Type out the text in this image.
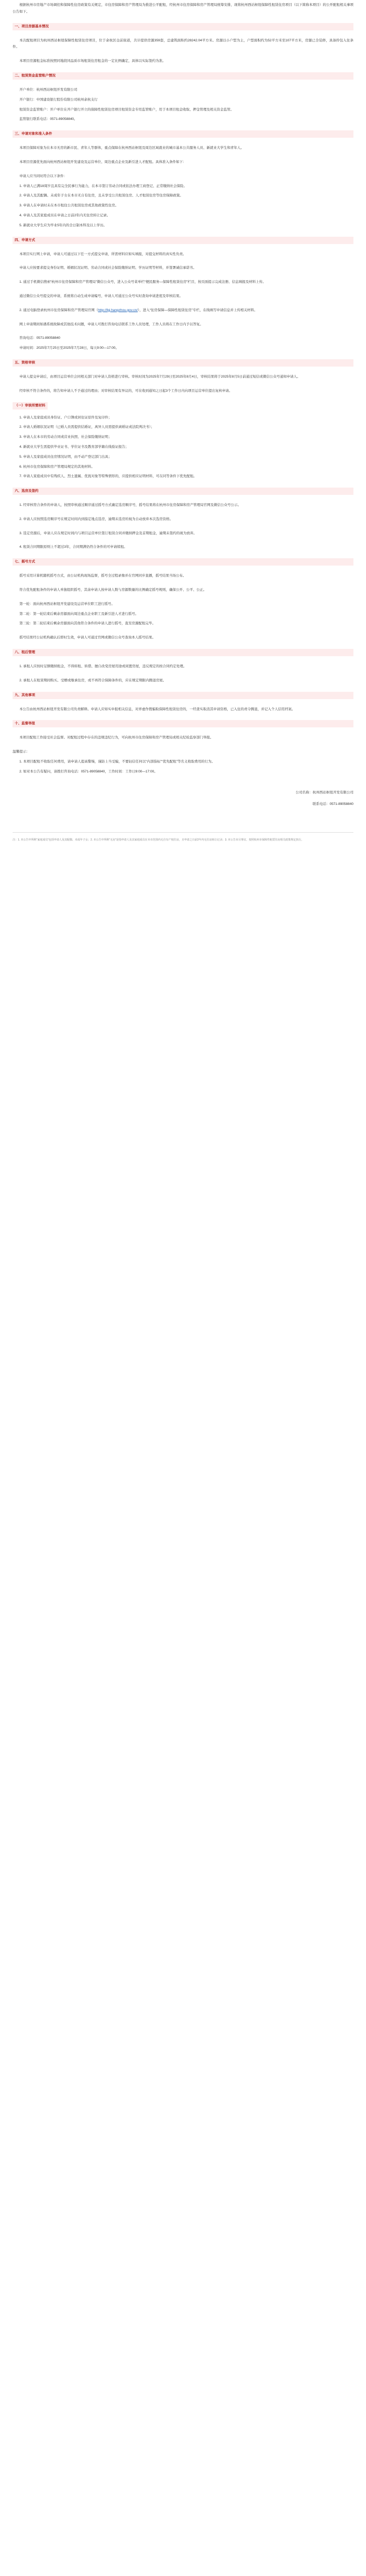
根据杭州市房地产市场调控和保障性住房政策有关规定，市住房保障和房产管理局为推进公平配租，经杭州市住房保障和房产管理局统筹安排，现将杭州西站枢纽保障性租赁住房项目（以下简称本项目）的公开配租相关事项公告如下。

一、项目房源基本情况

本次配租项目为杭州西站枢纽保障性租赁住房项目，位于余杭区仓前街道，共计提供房源359套，总建筑面积约28242.04平方米。房源以小户型为主，户型面积约为52平方米至107平方米，房源已全装修，具备拎包入住条件。

本项目房源租金标准按照同地段同品质市场租赁住房租金的一定比例确定，具体以实际签约为准。

二、租赁资金监管账户情况

开户单位：杭州西站枢纽开发有限公司

开户银行：中国建设银行股份有限公司杭州余杭支行

租赁资金监管账户：开户单位在开户银行开立的保障性租赁住房项目租赁资金专用监管账户，用于本项目租金收取、押金管理及相关资金监管。

监管银行联系电话：0571-89058840。

三、申请对象和准入条件

本项目保障对象为在本市无房的新市民、青年人等群体，重点保障在杭州西站枢纽及周边区域就业的城市基本公共服务人员、新就业大学生和青年人。

本项目房源优先面向杭州西站枢纽开发建设及运营单位、周边重点企业及新引进人才配租。具体准入条件如下：

申请人应当同时符合以下条件：

1. 申请人已满18周岁且具有完全民事行为能力，在本市签订劳动合同或依法办理工商登记、正常缴纳社会保险。

2. 申请人及其配偶、未成年子女在本市无自有住房，且未享受公共租赁住房、人才租赁住房等住房保障政策。

3. 申请人在申请时未在本市租住公共租赁住房或其他政策性住房。

4. 申请人及其家庭成员在申请之日前2年内无住房转让记录。

5. 新就业大学生应为毕业5年内的全日制本科及以上学历。

四、申请方式

本项目实行网上申请，申请人可通过以下任一方式提交申请，所需材料应如实填报，对提交材料的真实性负责。

申请人应按要求提交身份证明、婚姻状况证明、劳动合同或社会保险缴纳证明、学历证明等材料，并签署诚信承诺书。

1. 通过手机微信搜索“杭州市住房保障和房产管理局”微信公众号，进入公众号菜单栏“便民服务—保障性租赁住房”栏目，按页面提示完成注册、信息填报及材料上传。

通过微信公众号提交的申请，系统将自动生成申请编号，申请人可通过公众号实时查询申请进度及审核结果。

2. 通过电脑登录杭州市住房保障和房产管理局官网（http://fgj.hangzhou.gov.cn/），进入“住房保障—保障性租赁住房”专栏，在线填写申请信息并上传相关材料。

网上申请期间如遇系统故障或其他技术问题，申请人可拨打咨询电话联系工作人员处理，工作人员将在工作日内予以答复。

咨询电话：0571-89058840

申请时间：2025年7月25日至2025年7月28日，每天9:00—17:00。

五、资格审核

申请人提交申请后，由项目运营单位会同相关部门对申请人资格进行审核。审核时间为2025年7月29日至2025年8月4日，审核结果将于2025年8月5日前通过短信或微信公众号通知申请人。

经审核不符合条件的，将告知申请人不予通过的理由；对审核结果有异议的，可在收到通知之日起3个工作日内向项目运营单位提出复核申请。

（一）审核所需材料

1. 申请人及家庭成员身份证、户口簿或居住证原件及复印件；

2. 申请人婚姻状况证明（已婚人员需提供结婚证，离异人员需提供离婚证或法院判决书）；

3. 申请人在本市的劳动合同或营业执照、社会保险缴纳证明；

4. 新就业大学生需提供毕业证书、学位证书及教育部学籍在线验证报告；

5. 申请人及家庭成员住房情况证明，由不动产登记部门出具；

6. 杭州市住房保障和房产管理局规定的其他材料。

7. 申请人家庭成员中有残疾人、烈士遗属、优抚对象等特殊情形的，应提供相应证明材料，可在同等条件下优先配租。

六、选房及签约

1. 经审核符合条件的申请人，按照审核通过顺序通过摇号方式确定选房顺序号，摇号结果将在杭州市住房保障和房产管理局官网及微信公众号公示。

2. 申请人应按照选房顺序号在规定时间内到指定地点选房，逾期未选房的视为自动放弃本次选房资格。

3. 选定房源后，申请人应在规定时间内与项目运营单位签订租赁合同并缴纳押金及首期租金，逾期未签约的视为放弃。

4. 租赁合同期限原则上不超过3年，合同期满仍符合条件的可申请续租。

七、摇号方式

摇号采用计算机随机摇号方式，由公证机构现场监督，摇号全过程录像并在官网同步直播，摇号结果当场公布。

符合优先配租条件的申请人单独组织摇号，其余申请人按申请人数与房源数量的比例确定摇号规则，确保公开、公平、公正。

第一轮：面向杭州西站枢纽开发建设及运营单位职工进行摇号。

第二轮：第一轮结束后剩余房源面向周边重点企业职工及新引进人才进行摇号。

第三轮：第二轮结束后剩余房源面向其他符合条件的申请人进行摇号，直至房源配租完毕。

摇号结果经公证机构确认后即时生效，申请人可通过官网或微信公众号查询本人摇号结果。

八、租后管理

1. 承租人应按时足额缴纳租金，不得转租、转借、擅自改变房屋用途或闲置房屋，违反规定的按合同约定处理。

2. 承租人在租赁期间购买、受赠或继承住房，或不再符合保障条件的，应在规定期限内腾退房屋。

九、其他事项

本公告由杭州西站枢纽开发有限公司负责解释。申请人应如实申报相关信息，对弄虚作假骗取保障性租赁住房的，一经查实取消其申请资格，已入住的责令腾退，并记入个人信用档案。

十、监督举报

本项目配租工作接受社会监督。对配租过程中存在的违规违纪行为，可向杭州市住房保障和房产管理局或相关纪检监察部门举报。

温馨提示：

1. 本项目配租不收取任何费用，请申请人提高警惕，谨防上当受骗，不要轻信任何以“内部指标”“优先配租”等名义收取费用的行为。

2. 如对本公告有疑问，请拨打咨询电话：0571-89058840，工作时间：工作日9:00—17:00。

公司名称：杭州西站枢纽开发有限公司
联系电话：0571-89058840

注：1. 本公告中所称“家庭成员”包括申请人及其配偶、未成年子女；2. 本公告中所称“无房”是指申请人及其家庭成员在本市范围内无自有产权住房，且申请之日前2年内无住房转让记录；3. 本公告未尽事宜，按照杭州市保障性租赁住房相关政策规定执行。
